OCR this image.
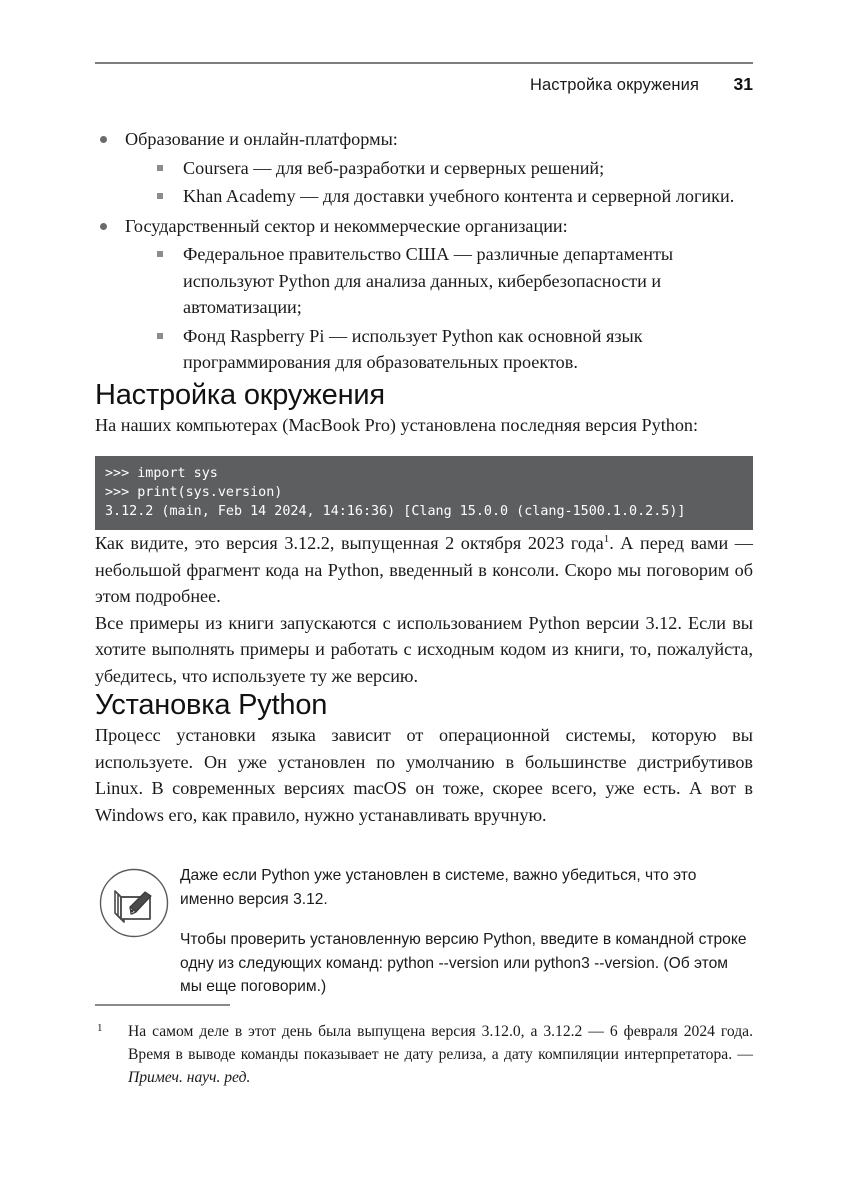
Настройка окружения 31
Образование и онлайн-платформы:
Coursera — для веб-разработки и серверных решений;
Khan Academy — для доставки учебного контента и серверной логики.
Государственный сектор и некоммерческие организации:
Федеральное правительство США — различные департаменты используют Python для анализа данных, кибербезопасности и автоматизации;
Фонд Raspberry Pi — использует Python как основной язык программирования для образовательных проектов.
Настройка окружения

На наших компьютерах (MacBook Pro) установлена последняя версия Python:

>>> import sys
>>> print(sys.version)
3.12.2 (main, Feb 14 2024, 14:16:36) [Clang 15.0.0 (clang-1500.1.0.2.5)]

Как видите, это версия 3.12.2, выпущенная 2 октября 2023 года$^1$. А перед вами — небольшой фрагмент кода на Python, введенный в консоли. Скоро мы поговорим об этом подробнее.

Все примеры из книги запускаются с использованием Python версии 3.12. Если вы хотите выполнять примеры и работать с исходным кодом из книги, то, пожалуйста, убедитесь, что используете ту же версию.

Установка Python

Процесс установки языка зависит от операционной системы, которую вы используете. Он уже установлен по умолчанию в большинстве дистрибутивов Linux. В современных версиях macOS он тоже, скорее всего, уже есть. А вот в Windows его, как правило, нужно устанавливать вручную.

Даже если Python уже установлен в системе, важно убедиться, что это именно версия 3.12.

Чтобы проверить установленную версию Python, введите в командной строке одну из следующих команд: python --version или python3 --version. (Об этом мы еще поговорим.)

1 На самом деле в этот день была выпущена версия 3.12.0, а 3.12.2 — 6 февраля 2024 года. Время в выводе команды показывает не дату релиза, а дату компиляции интерпретатора. — Примеч. науч. ред.
